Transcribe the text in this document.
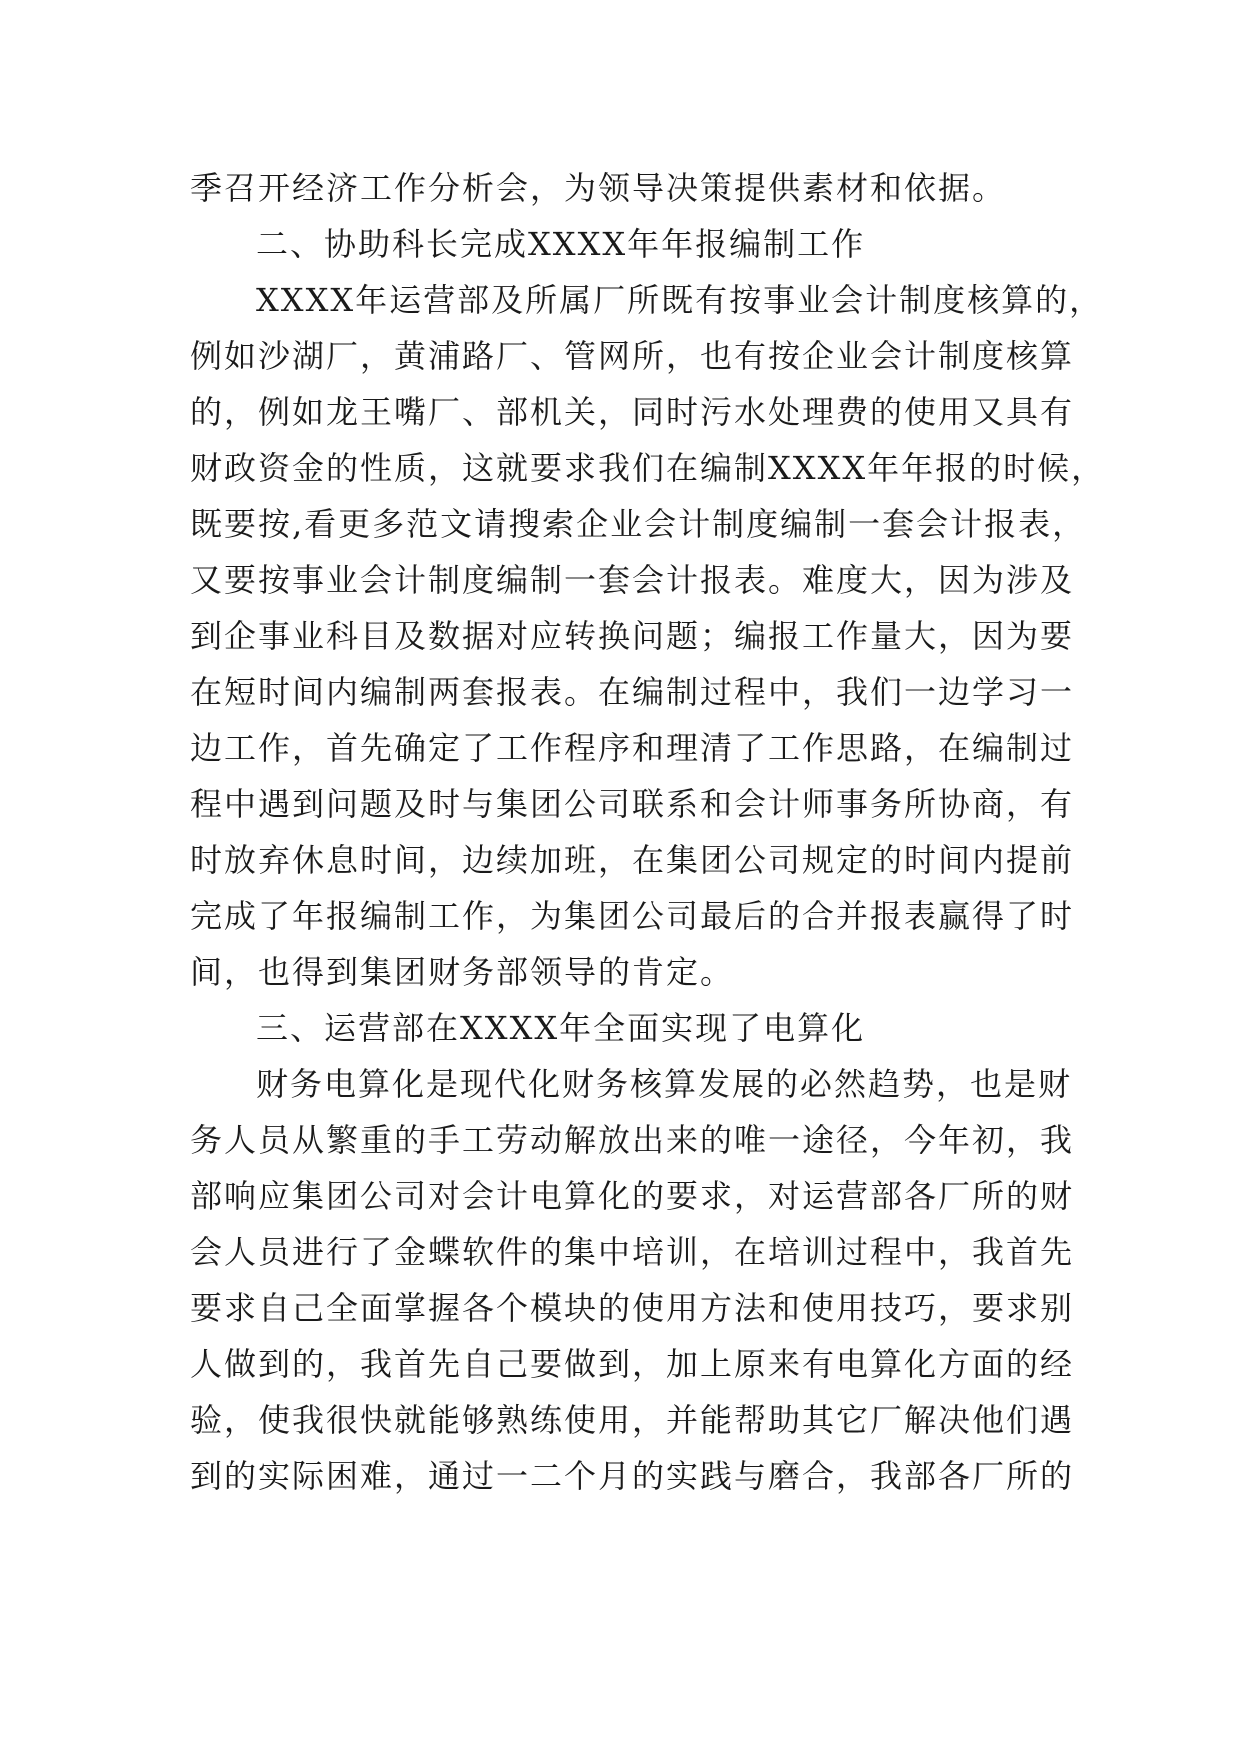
季召开经济工作分析会，为领导决策提供素材和依据。
二、协助科长完成XXXX年年报编制工作
XXXX年运营部及所属厂所既有按事业会计制度核算的，
例如沙湖厂，黄浦路厂、管网所，也有按企业会计制度核算
的，例如龙王嘴厂、部机关，同时污水处理费的使用又具有
财政资金的性质，这就要求我们在编制XXXX年年报的时候，
既要按,看更多范文请搜索企业会计制度编制一套会计报表，
又要按事业会计制度编制一套会计报表。难度大，因为涉及
到企事业科目及数据对应转换问题；编报工作量大，因为要
在短时间内编制两套报表。在编制过程中，我们一边学习一
边工作，首先确定了工作程序和理清了工作思路，在编制过
程中遇到问题及时与集团公司联系和会计师事务所协商，有
时放弃休息时间，边续加班，在集团公司规定的时间内提前
完成了年报编制工作，为集团公司最后的合并报表赢得了时
间，也得到集团财务部领导的肯定。
三、运营部在XXXX年全面实现了电算化
财务电算化是现代化财务核算发展的必然趋势，也是财
务人员从繁重的手工劳动解放出来的唯一途径，今年初，我
部响应集团公司对会计电算化的要求，对运营部各厂所的财
会人员进行了金蝶软件的集中培训，在培训过程中，我首先
要求自己全面掌握各个模块的使用方法和使用技巧，要求别
人做到的，我首先自己要做到，加上原来有电算化方面的经
验，使我很快就能够熟练使用，并能帮助其它厂解决他们遇
到的实际困难，通过一二个月的实践与磨合，我部各厂所的
